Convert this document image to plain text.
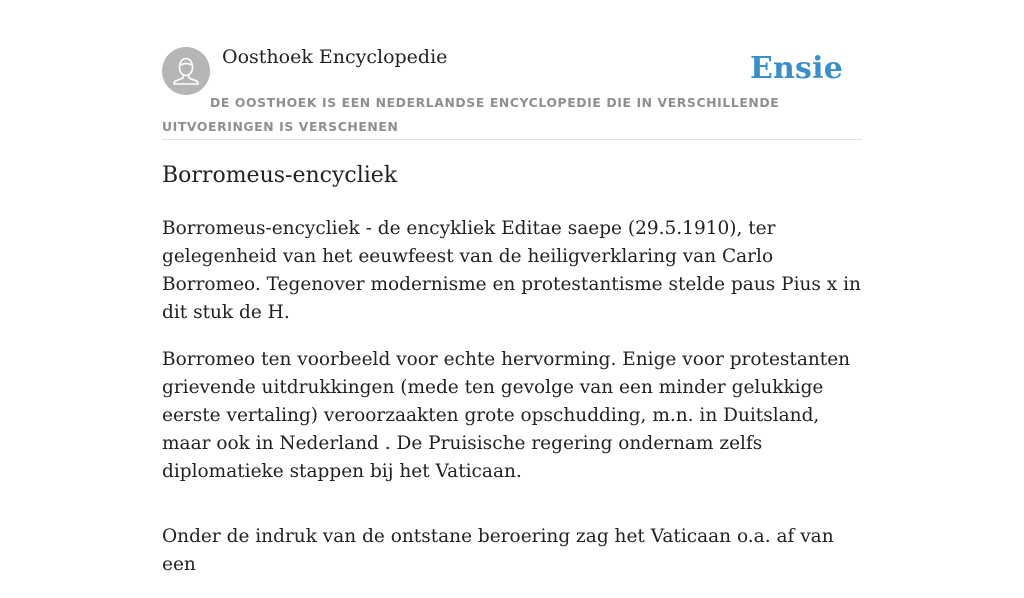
Oosthoek Encyclopedie	Ensie
DE OOSTHOEK IS EEN NEDERLANDSE ENCYCLOPEDIE DIE IN VERSCHILLENDE UITVOERINGEN IS VERSCHENEN
Borromeus-encycliek

Borromeus-encycliek - de encykliek Editae saepe (29.5.1910), ter gelegenheid van het eeuwfeest van de heiligverklaring van Carlo Borromeo. Tegenover modernisme en protestantisme stelde paus Pius x in dit stuk de H.

Borromeo ten voorbeeld voor echte hervorming. Enige voor protestanten grievende uitdrukkingen (mede ten gevolge van een minder gelukkige eerste vertaling) veroorzaakten grote opschudding, m.n. in Duitsland, maar ook in Nederland . De Pruisische regering ondernam zelfs diplomatieke stappen bij het Vaticaan.

Onder de indruk van de ontstane beroering zag het Vaticaan o.a. af van een
